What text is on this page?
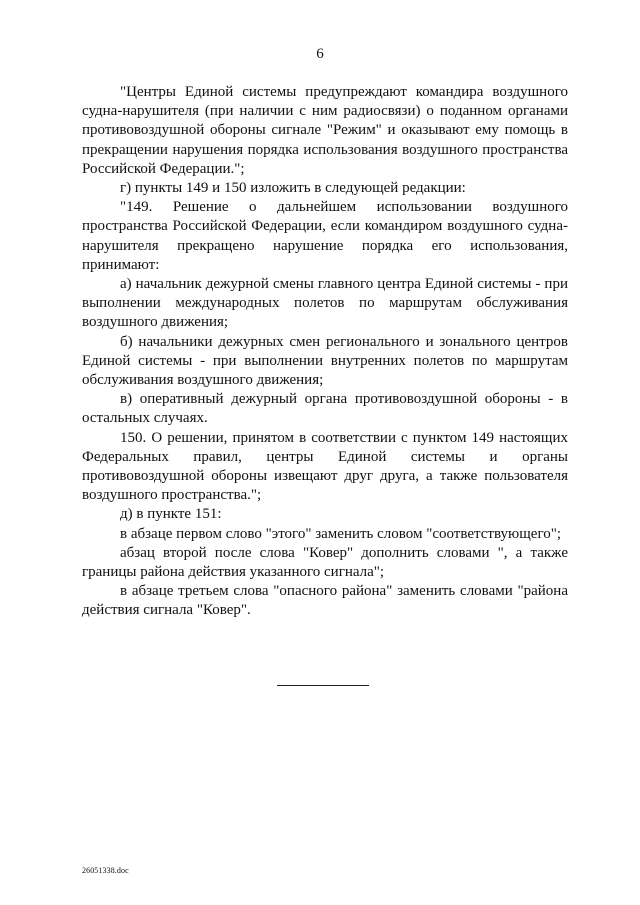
6

"Центры Единой системы предупреждают командира воздушного судна-нарушителя (при наличии с ним радиосвязи) о поданном органами противовоздушной обороны сигнале "Режим" и оказывают ему помощь в прекращении нарушения порядка использования воздушного пространства Российской Федерации.";

г) пункты 149 и 150 изложить в следующей редакции:

"149. Решение о дальнейшем использовании воздушного пространства Российской Федерации, если командиром воздушного судна-нарушителя прекращено нарушение порядка его использования, принимают:

а) начальник дежурной смены главного центра Единой системы - при выполнении международных полетов по маршрутам обслуживания воздушного движения;

б) начальники дежурных смен регионального и зонального центров Единой системы - при выполнении внутренних полетов по маршрутам обслуживания воздушного движения;

в) оперативный дежурный органа противовоздушной обороны - в остальных случаях.

150. О решении, принятом в соответствии с пунктом 149 настоящих Федеральных правил, центры Единой системы и органы противовоздушной обороны извещают друг друга, а также пользователя воздушного пространства.";

д) в пункте 151:

в абзаце первом слово "этого" заменить словом "соответствующего";

абзац второй после слова "Ковер" дополнить словами ", а также границы района действия указанного сигнала";

в абзаце третьем слова "опасного района" заменить словами "района действия сигнала "Ковер".

26051338.doc
